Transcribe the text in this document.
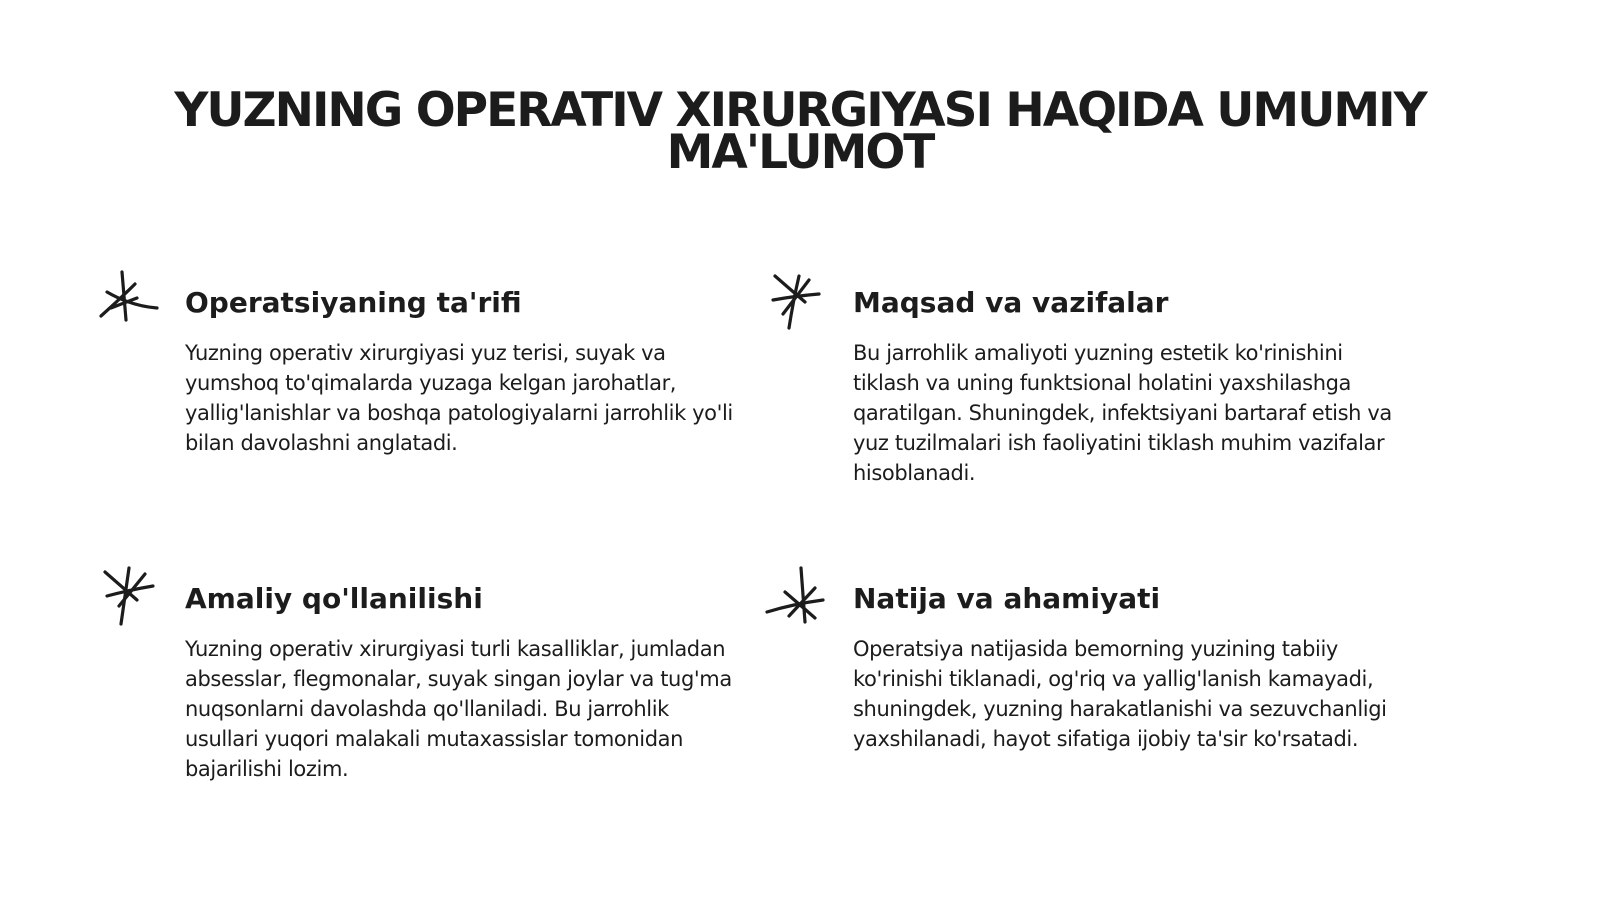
YUZNING OPERATIV XIRURGIYASI HAQIDA UMUMIY MA'LUMOT
Operatsiyaning ta'rifi

Yuzning operativ xirurgiyasi yuz terisi, suyak va yumshoq to'qimalarda yuzaga kelgan jarohatlar, yallig'lanishlar va boshqa patologiyalarni jarrohlik yo'li bilan davolashni anglatadi.

Maqsad va vazifalar

Bu jarrohlik amaliyoti yuzning estetik ko'rinishini tiklash va uning funktsional holatini yaxshilashga qaratilgan. Shuningdek, infektsiyani bartaraf etish va yuz tuzilmalari ish faoliyatini tiklash muhim vazifalar hisoblanadi.

Amaliy qo'llanilishi

Yuzning operativ xirurgiyasi turli kasalliklar, jumladan absesslar, flegmonalar, suyak singan joylar va tug'ma nuqsonlarni davolashda qo'llaniladi. Bu jarrohlik usullari yuqori malakali mutaxassislar tomonidan bajarilishi lozim.

Natija va ahamiyati

Operatsiya natijasida bemorning yuzining tabiiy ko'rinishi tiklanadi, og'riq va yallig'lanish kamayadi, shuningdek, yuzning harakatlanishi va sezuvchanligi yaxshilanadi, hayot sifatiga ijobiy ta'sir ko'rsatadi.
